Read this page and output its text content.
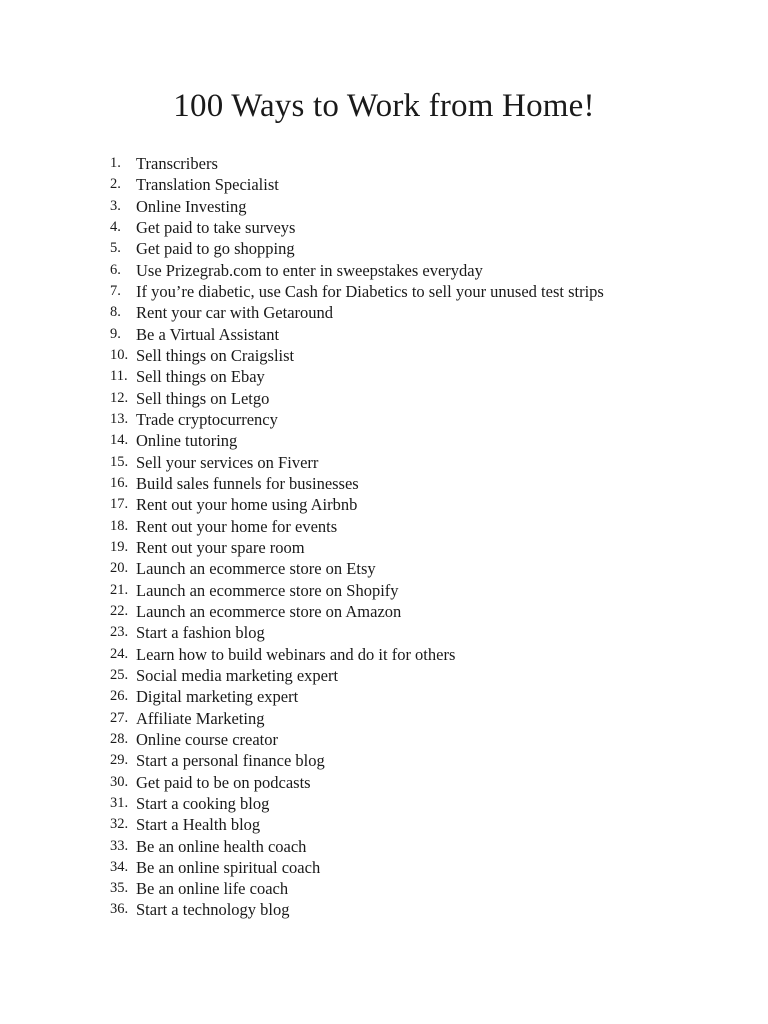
100 Ways to Work from Home!
1. Transcribers
2. Translation Specialist
3. Online Investing
4. Get paid to take surveys
5. Get paid to go shopping
6. Use Prizegrab.com to enter in sweepstakes everyday
7. If you’re diabetic, use Cash for Diabetics to sell your unused test strips
8. Rent your car with Getaround
9. Be a Virtual Assistant
10. Sell things on Craigslist
11. Sell things on Ebay
12. Sell things on Letgo
13. Trade cryptocurrency
14. Online tutoring
15. Sell your services on Fiverr
16. Build sales funnels for businesses
17. Rent out your home using Airbnb
18. Rent out your home for events
19. Rent out your spare room
20. Launch an ecommerce store on Etsy
21. Launch an ecommerce store on Shopify
22. Launch an ecommerce store on Amazon
23. Start a fashion blog
24. Learn how to build webinars and do it for others
25. Social media marketing expert
26. Digital marketing expert
27. Affiliate Marketing
28. Online course creator
29. Start a personal finance blog
30. Get paid to be on podcasts
31. Start a cooking blog
32. Start a Health blog
33. Be an online health coach
34. Be an online spiritual coach
35. Be an online life coach
36. Start a technology blog
